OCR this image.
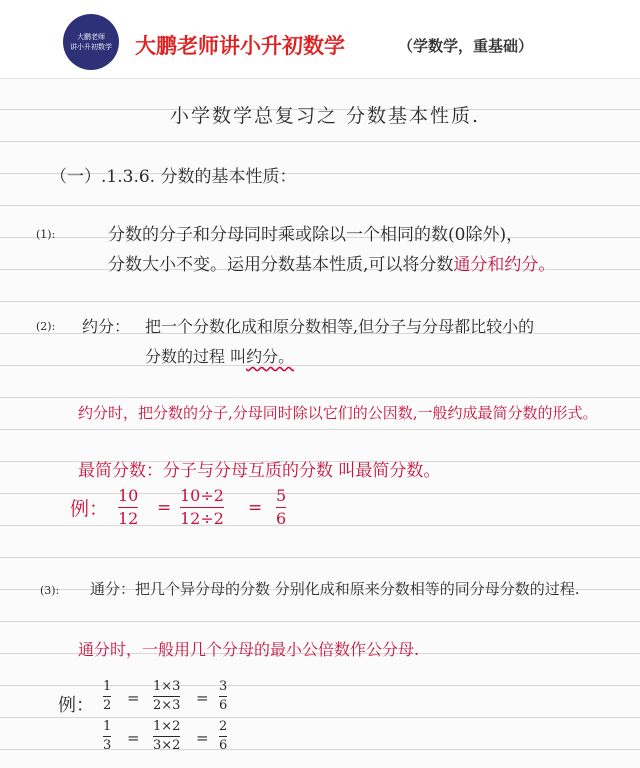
大鹏老师
讲小升初数学 大鹏老师讲小升初数学	（学数学，重基础）
小学数学总复习之 分数基本性质.
（一）.1.3.6. 分数的基本性质：
(1):	分数的分子和分母同时乘或除以一个相同的数(0除外)，
分数大小不变。运用分数基本性质,可以将分数通分和约分。
(2): 约分： 把一个分数化成和原分数相等,但分子与分母都比较小的
分数的过程 叫约分。
约分时，把分数的分子,分母同时除以它们的公因数,一般约成最简分数的形式。
最简分数：分子与分母互质的分数 叫最简分数。
例：
10
12
=
10÷2
12÷2
=
5
6
(3): 通分：把几个异分母的分数 分别化成和原来分数相等的同分母分数的过程.
通分时，一般用几个分母的最小公倍数作公分母.
例：
1
2 =
1×3
2×3 =
3
6
1
3 =
1×2
3×2 =
2
6
